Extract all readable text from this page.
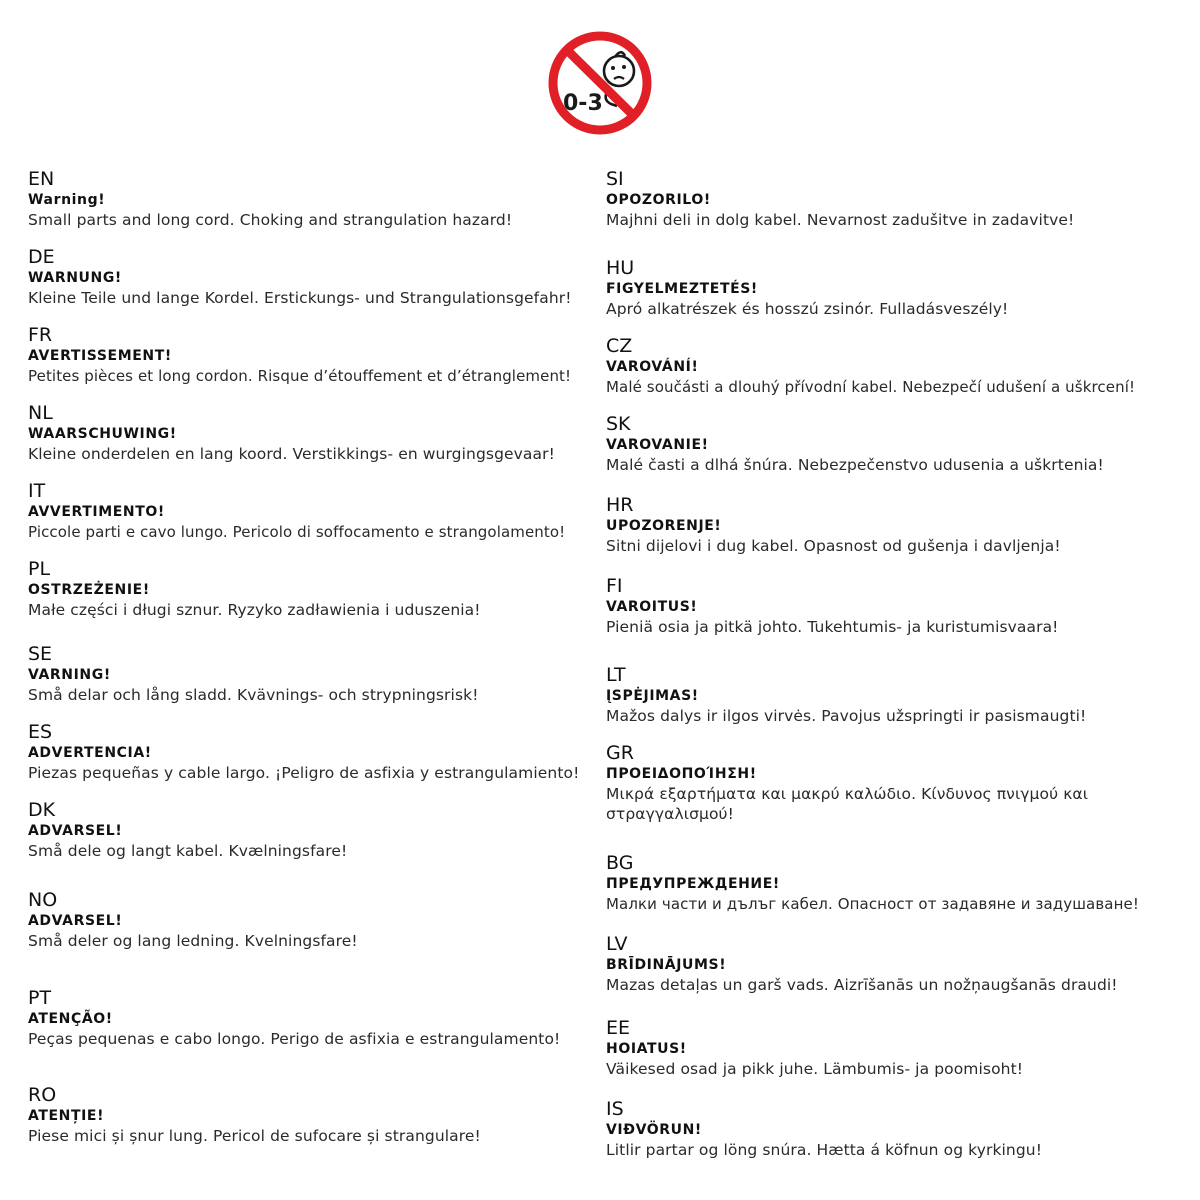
0-3
EN
Warning!
Small parts and long cord. Choking and strangulation hazard!
DE
WARNUNG!
Kleine Teile und lange Kordel. Erstickungs- und Strangulationsgefahr!
FR
AVERTISSEMENT!
Petites pièces et long cordon. Risque d’étouffement et d’étranglement!
NL
WAARSCHUWING!
Kleine onderdelen en lang koord. Verstikkings- en wurgingsgevaar!
IT
AVVERTIMENTO!
Piccole parti e cavo lungo. Pericolo di soffocamento e strangolamento!
PL
OSTRZEŻENIE!
Małe części i długi sznur. Ryzyko zadławienia i uduszenia!
SE
VARNING!
Små delar och lång sladd. Kvävnings- och strypningsrisk!
ES
ADVERTENCIA!
Piezas pequeñas y cable largo. ¡Peligro de asfixia y estrangulamiento!
DK
ADVARSEL!
Små dele og langt kabel. Kvælningsfare!
NO
ADVARSEL!
Små deler og lang ledning. Kvelningsfare!
PT
ATENÇÃO!
Peças pequenas e cabo longo. Perigo de asfixia e estrangulamento!
RO
ATENȚIE!
Piese mici și șnur lung. Pericol de sufocare și strangulare!
SI
OPOZORILO!
Majhni deli in dolg kabel. Nevarnost zadušitve in zadavitve!
HU
FIGYELMEZTETÉS!
Apró alkatrészek és hosszú zsinór. Fulladásveszély!
CZ
VAROVÁNÍ!
Malé součásti a dlouhý přívodní kabel. Nebezpečí udušení a uškrcení!
SK
VAROVANIE!
Malé časti a dlhá šnúra. Nebezpečenstvo udusenia a uškrtenia!
HR
UPOZORENJE!
Sitni dijelovi i dug kabel. Opasnost od gušenja i davljenja!
FI
VAROITUS!
Pieniä osia ja pitkä johto. Tukehtumis- ja kuristumisvaara!
LT
ĮSPĖJIMAS!
Mažos dalys ir ilgos virvės. Pavojus užspringti ir pasismaugti!
GR
ΠΡΟΕΙΔΟΠΟΊΗΣΗ!
Μικρά εξαρτήματα και μακρύ καλώδιο. Κίνδυνος πνιγμού και στραγγαλισμού!
BG
ПРЕДУПРЕЖДЕНИЕ!
Малки части и дълъг кабел. Опасност от задавяне и задушаване!
LV
BRĪDINĀJUMS!
Mazas detaļas un garš vads. Aizrīšanās un nožņaugšanās draudi!
EE
HOIATUS!
Väikesed osad ja pikk juhe. Lämbumis- ja poomisoht!
IS
VIÐVÖRUN!
Litlir partar og löng snúra. Hætta á köfnun og kyrkingu!
